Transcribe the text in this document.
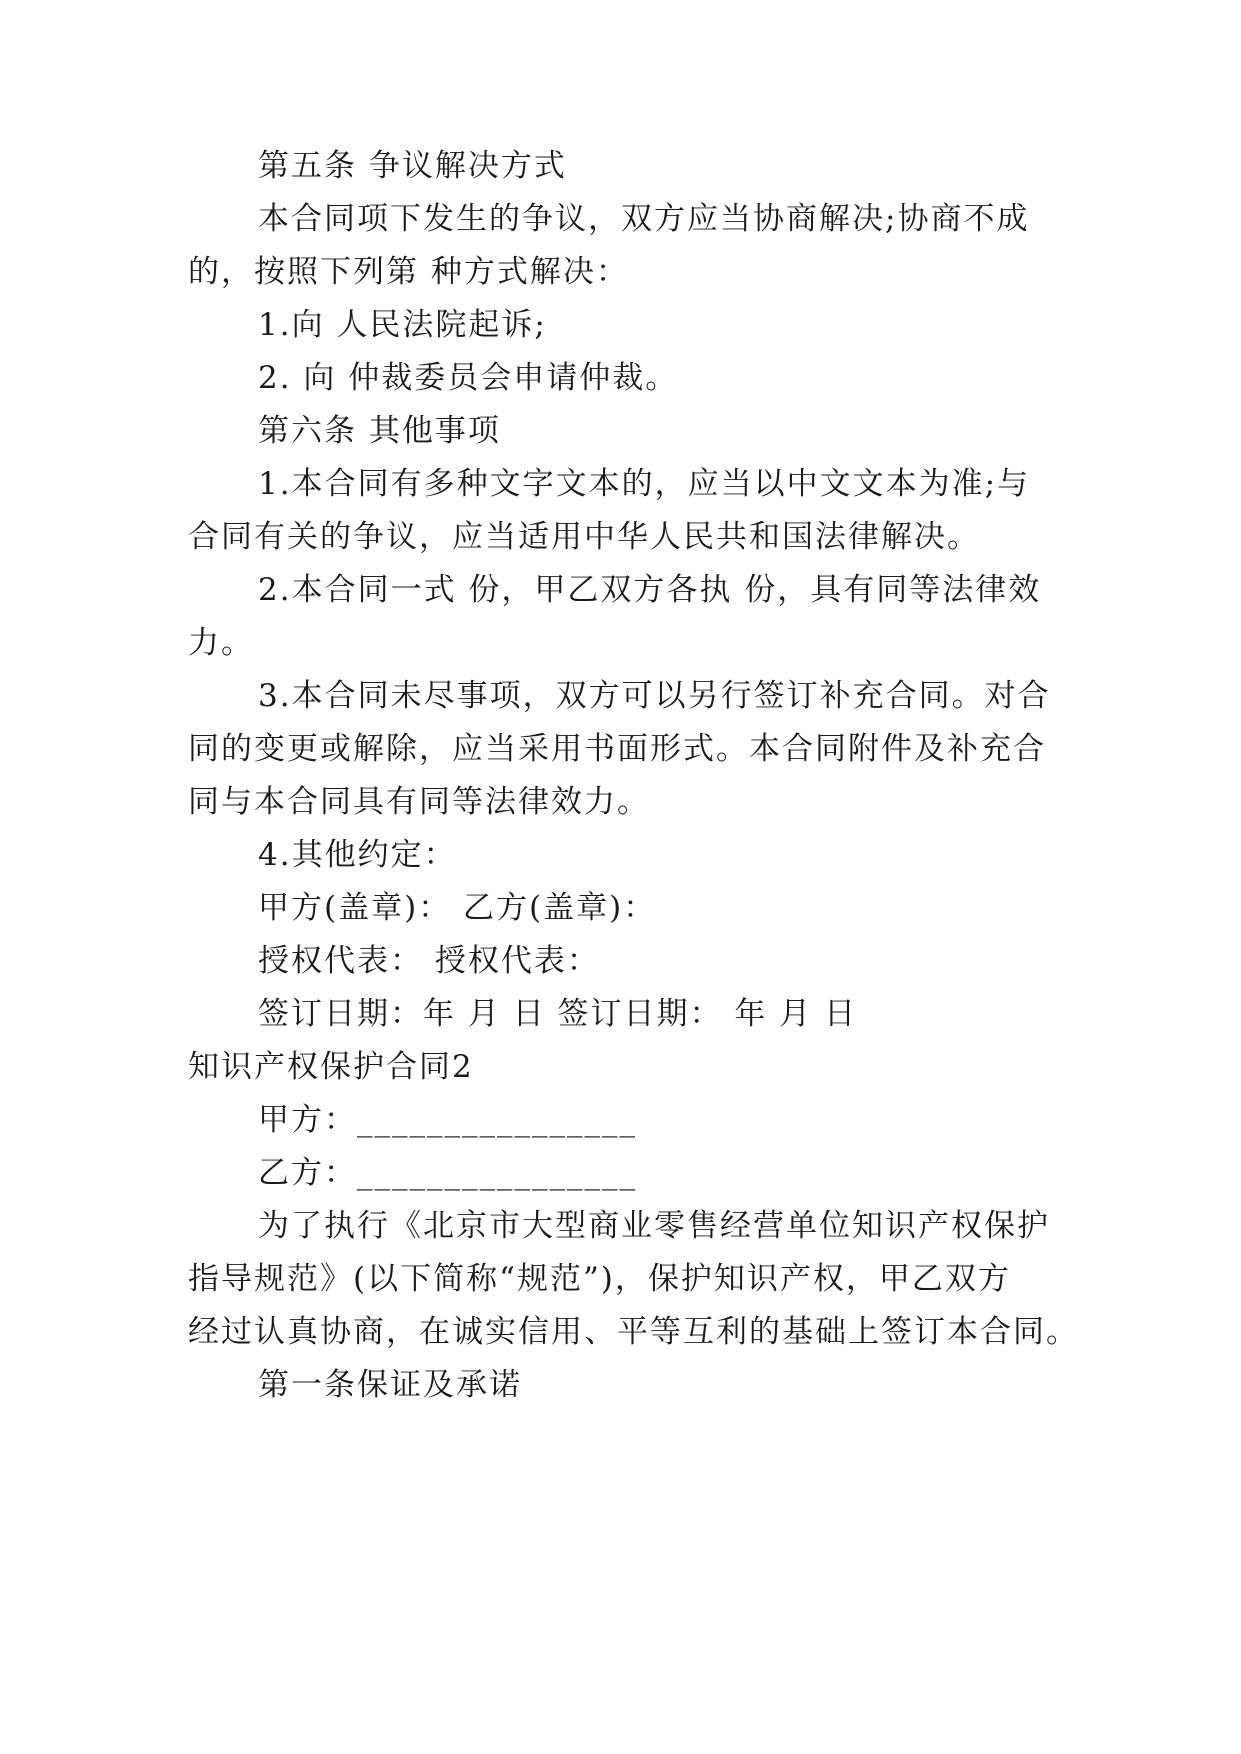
第五条 争议解决方式
本合同项下发生的争议，双方应当协商解决;协商不成
的，按照下列第 种方式解决：
1.向 人民法院起诉;
2. 向 仲裁委员会申请仲裁。
第六条 其他事项
1.本合同有多种文字文本的，应当以中文文本为准;与
合同有关的争议，应当适用中华人民共和国法律解决。
2.本合同一式 份，甲乙双方各执 份，具有同等法律效
力。
3.本合同未尽事项，双方可以另行签订补充合同。对合
同的变更或解除，应当采用书面形式。本合同附件及补充合
同与本合同具有同等法律效力。
4.其他约定：
甲方(盖章)： 乙方(盖章)：
授权代表： 授权代表：
签订日期：年 月 日 签订日期： 年 月 日
知识产权保护合同2
甲方：________________
乙方：________________
为了执行《北京市大型商业零售经营单位知识产权保护
指导规范》(以下简称“规范”)，保护知识产权，甲乙双方
经过认真协商，在诚实信用、平等互利的基础上签订本合同。
第一条保证及承诺
